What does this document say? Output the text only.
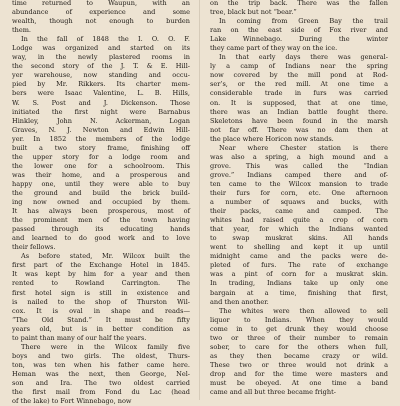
time returned to Waupun, with an
abundance of experience and some
wealth, though not enough to burden
them.
In the fall of 1848 the I. O. O. F.
Lodge was organized and started on its
way, in the newly plastered rooms in
the second story of the J. T. & E. Hill-
yer warehouse, now standing and occu-
pied by Mr. Rikkers. Its charter mem-
bers were Isaac Valentine, L. B. Hills,
W. S. Post and J. Dickenson. Those
initiated the first night were Barnabus
Hinkley, John N. Ackerman, Logan
Graves, N. J. Newton and Edwin Hill-
yer. In 1852 the members of the lodge
built a two story frame, finishing off
the upper story for a lodge room and
the lower one for a schoolroom. This
was their home, and a prosperous and
happy one, until they were able to buy
the ground and build the brick build-
ing now owned and occupied by them.
It has always been prosperous, most of
the prominent men of the town having
passed through its educating hands
and learned to do good work and to love
their fellows.
As before stated, Mr. Wilcox built the
first part of the Exchange Hotel in 1845.
It was kept by him for a year and then
rented to Rowland Carrington. The
first hotel sign is still in existence and
is nailed to the shop of Thurston Wil-
cox. It is oval in shape and reads—
“The Old Stand.” It must be fifty
years old, but is in better condition as
to paint than many of our half the years.
There were in the Wilcox family five
boys and two girls. The oldest, Thurs-
ton, was ten when his father came here.
Heman was the next, then George, Nel-
son and Ira. The two oldest carried
the first mail from Fond du Lac (head
of the lake) to Fort Winnebago, now
on the trip back. There was the fallen
tree, black but not “bear.”
In coming from Green Bay the trail
ran on the east side of Fox river and
Lake Winnebago. During the winter
they came part of they way on the ice.
In that early days there was general-
ly a camp of Indians near the spring
now covered by the mill pond at Rod-
ser’s, or the red mill. At one time a
considerable trade in furs was carried
on. It is supposed, that at one time,
there was an Indian battle fought there.
Skeletons have been found in the marsh
not far off. There was no dam then at
the place where Horicon now stands.
Near where Chester station is there
was also a spring, a high mound and a
grove. This was called the “Indian
grove.” Indians camped there and of-
ten came to the Wilcox mansion to trade
their furs for corn, etc. One afternoon
a number of squaws and bucks, with
their packs, came and camped. The
whites had raised quite a crop of corn
that year, for which the Indians wanted
to swap muskrat skins. All hands
went to shelling and kept it up until
midnight came and the packs were de-
pleted of furs. The rate of exchange
was a pint of corn for a muskrat skin.
In trading, Indians take up only one
bargain at a time, finishing that first,
and then another.
The whites were then allowed to sell
liquor to Indians. When they would
come in to get drunk they would choose
two or three of their number to remain
sober, to care for the others when full,
as they then became crazy or wild.
These two or three would not drink a
drop and for the time were masters and
must be obeyed. At one time a band
came and all but three became fright-
